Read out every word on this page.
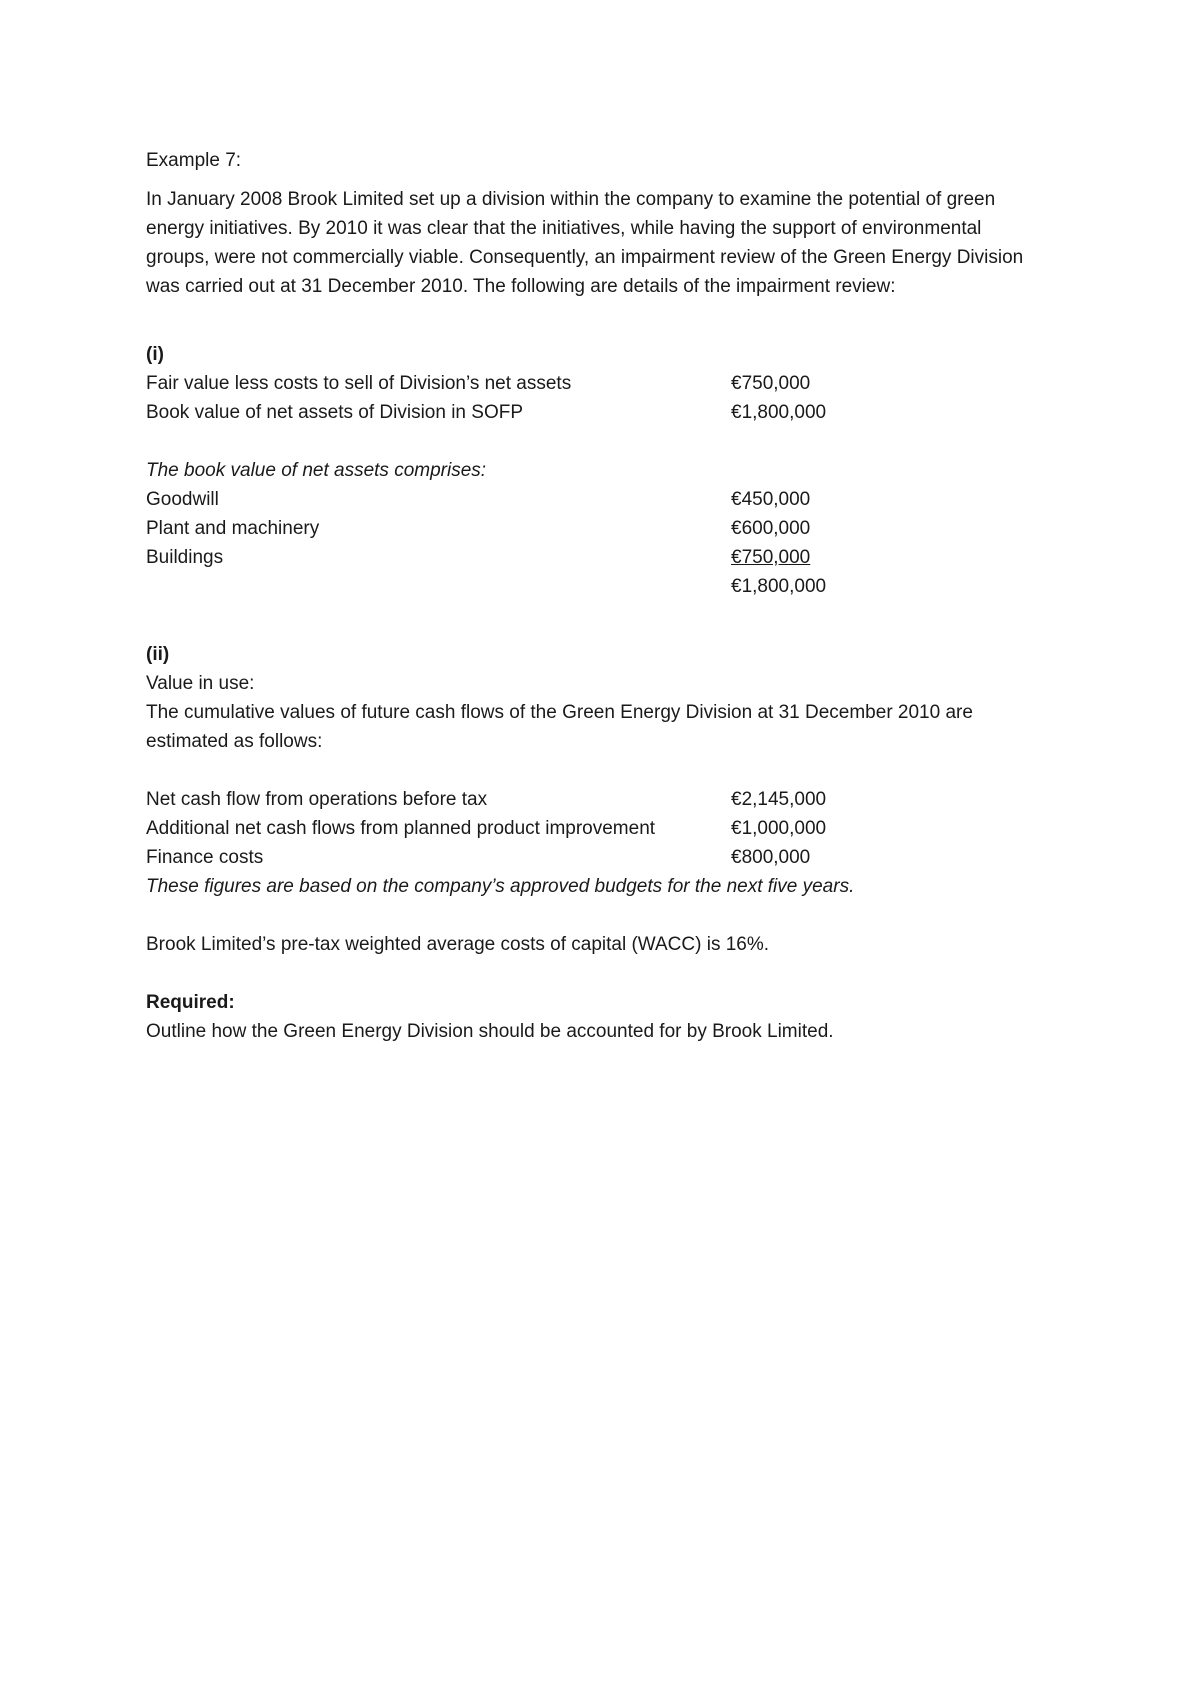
Example 7:

In January 2008 Brook Limited set up a division within the company to examine the potential of green energy initiatives. By 2010 it was clear that the initiatives, while having the support of environmental groups, were not commercially viable. Consequently, an impairment review of the Green Energy Division was carried out at 31 December 2010. The following are details of the impairment review:

(i)

Fair value less costs to sell of Division’s net assets	€750,000
Book value of net assets of Division in SOFP	€1,800,000

The book value of net assets comprises:

Goodwill	€450,000
Plant and machinery	€600,000
Buildings	€750,000
€1,800,000

(ii)

Value in use:

The cumulative values of future cash flows of the Green Energy Division at 31 December 2010 are estimated as follows:

Net cash flow from operations before tax	€2,145,000
Additional net cash flows from planned product improvement	€1,000,000
Finance costs	€800,000

These figures are based on the company’s approved budgets for the next five years.

Brook Limited’s pre-tax weighted average costs of capital (WACC) is 16%.

Required:

Outline how the Green Energy Division should be accounted for by Brook Limited.
